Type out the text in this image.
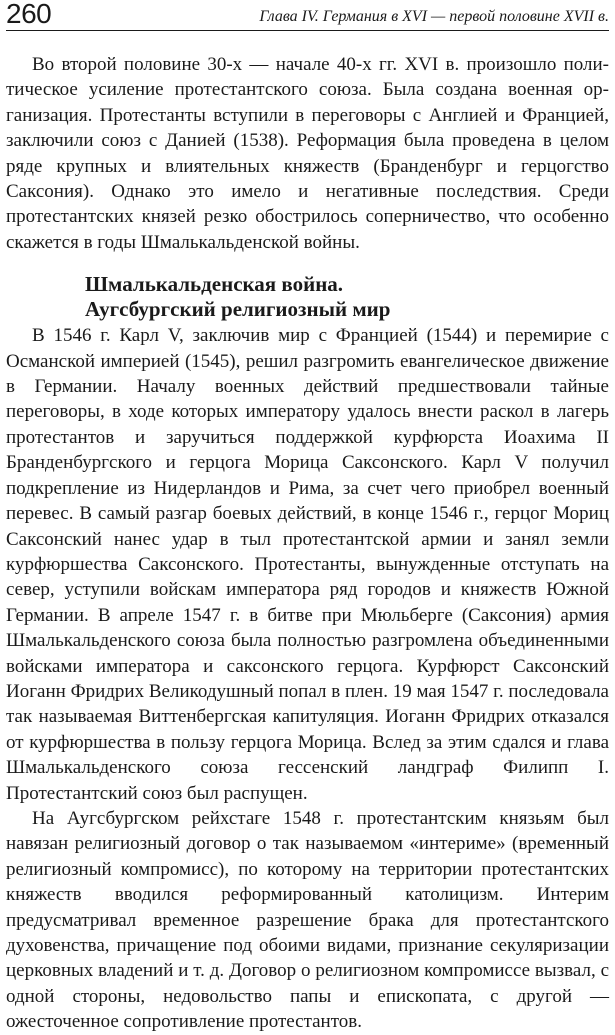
260	Глава IV. Германия в XVI — первой половине XVII в.

Во второй половине 30-х — начале 40-х гг. XVI в. произошло политическое усиление протестантского союза. Была создана военная организация. Протестанты вступили в переговоры с Англией и Францией, заключили союз с Данией (1538). Реформация была проведена в целом ряде крупных и влиятельных княжеств (Бранденбург и герцогство Саксония). Однако это имело и негативные последствия. Среди протестантских князей резко обострилось соперничество, что особенно скажется в годы Шмалькальденской войны.

Шмалькальденская война.
Аугсбургский религиозный мир

В 1546 г. Карл V, заключив мир с Францией (1544) и перемирие с Османской империей (1545), решил разгромить евангелическое движение в Германии. Началу военных действий предшествовали тайные переговоры, в ходе которых императору удалось внести раскол в лагерь протестантов и заручиться поддержкой курфюрста Иоахима II Бранденбургского и герцога Морица Саксонского. Карл V получил подкрепление из Нидерландов и Рима, за счет чего приобрел военный перевес. В самый разгар боевых действий, в конце 1546 г., герцог Мориц Саксонский нанес удар в тыл протестантской армии и занял земли курфюршества Саксонского. Протестанты, вынужденные отступать на север, уступили войскам императора ряд городов и княжеств Южной Германии. В апреле 1547 г. в битве при Мюльберге (Саксония) армия Шмалькальденского союза была полностью разгромлена объединенными войсками императора и саксонского герцога. Курфюрст Саксонский Иоганн Фридрих Великодушный попал в плен. 19 мая 1547 г. последовала так называемая Виттенбергская капитуляция. Иоганн Фридрих отказался от курфюршества в пользу герцога Морица. Вслед за этим сдался и глава Шмалькальденского союза гессенский ландграф Филипп I. Протестантский союз был распущен.

На Аугсбургском рейхстаге 1548 г. протестантским князьям был навязан религиозный договор о так называемом «интериме» (временный религиозный компромисс), по которому на территории протестантских княжеств вводился реформированный католицизм. Интерим предусматривал временное разрешение брака для протестантского духовенства, причащение под обоими видами, признание секуляризации церковных владений и т. д. Договор о религиозном компромиссе вызвал, с одной стороны, недовольство папы и епископата, с другой — ожесточенное сопротивление протестантов.
